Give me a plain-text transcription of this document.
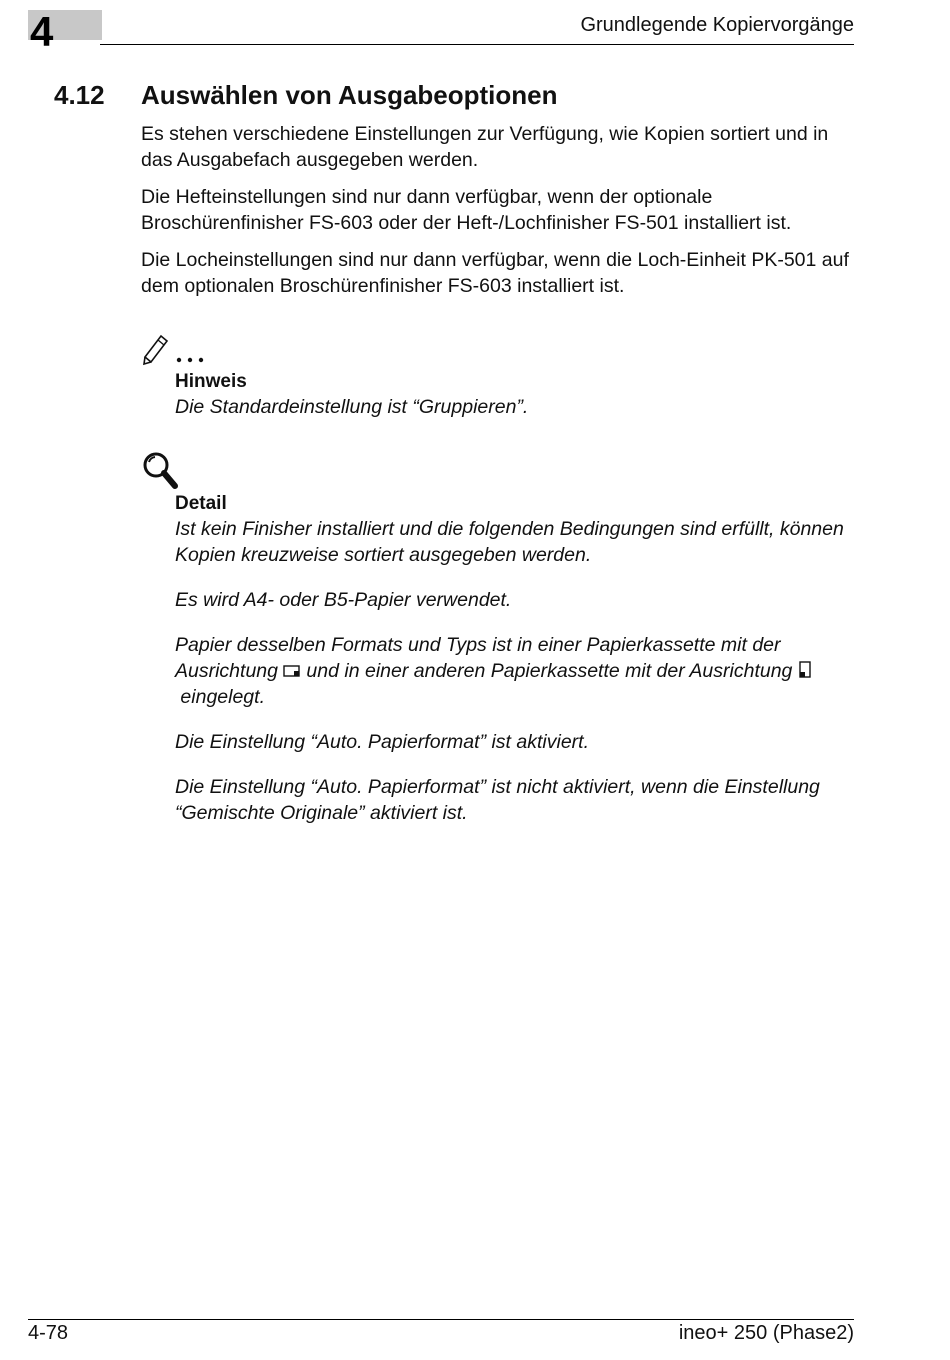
4	Grundlegende Kopiervorgänge
4.12 Auswählen von Ausgabeoptionen

Es stehen verschiedene Einstellungen zur Verfügung, wie Kopien sortiert und in das Ausgabefach ausgegeben werden.

Die Hefteinstellungen sind nur dann verfügbar, wenn der optionale Broschürenfinisher FS-603 oder der Heft-/Lochfinisher FS-501 installiert ist.

Die Locheinstellungen sind nur dann verfügbar, wenn die Loch-Einheit PK-501 auf dem optionalen Broschürenfinisher FS-603 installiert ist.

Hinweis
Die Standardeinstellung ist “Gruppieren”.
Detail

Ist kein Finisher installiert und die folgenden Bedingungen sind erfüllt, können Kopien kreuzweise sortiert ausgegeben werden.

Es wird A4- oder B5-Papier verwendet.

Papier desselben Formats und Typs ist in einer Papierkassette mit der Ausrichtung und in einer anderen Papierkassette mit der Ausrichtung   eingelegt.

Die Einstellung “Auto. Papierformat” ist aktiviert.

Die Einstellung “Auto. Papierformat” ist nicht aktiviert, wenn die Einstellung “Gemischte Originale” aktiviert ist.

4-78	ineo+ 250 (Phase2)
